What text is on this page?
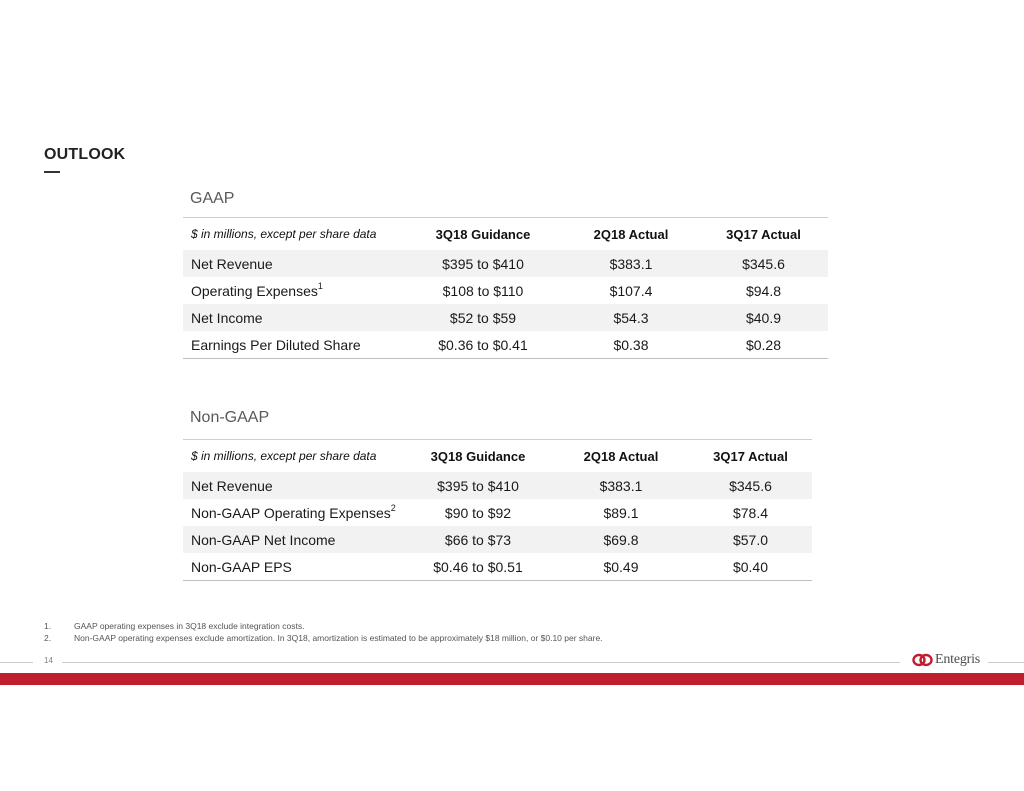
OUTLOOK
GAAP
$ in millions, except per share data	3Q18 Guidance	2Q18 Actual	3Q17 Actual
Net Revenue	$395 to $410	$383.1	$345.6
Operating Expenses$^1$	$108 to $110	$107.4	$94.8
Net Income	$52 to $59	$54.3	$40.9
Earnings Per Diluted Share	$0.36 to $0.41	$0.38	$0.28
Non-GAAP
$ in millions, except per share data	3Q18 Guidance	2Q18 Actual	3Q17 Actual
Net Revenue	$395 to $410	$383.1	$345.6
Non-GAAP Operating Expenses$^2$	$90 to $92	$89.1	$78.4
Non-GAAP Net Income	$66 to $73	$69.8	$57.0
Non-GAAP EPS	$0.46 to $0.51	$0.49	$0.40
1.	GAAP operating expenses in 3Q18 exclude integration costs.
2.	Non-GAAP operating expenses exclude amortization. In 3Q18, amortization is estimated to be approximately $18 million, or $0.10 per share.
14	Entegris
